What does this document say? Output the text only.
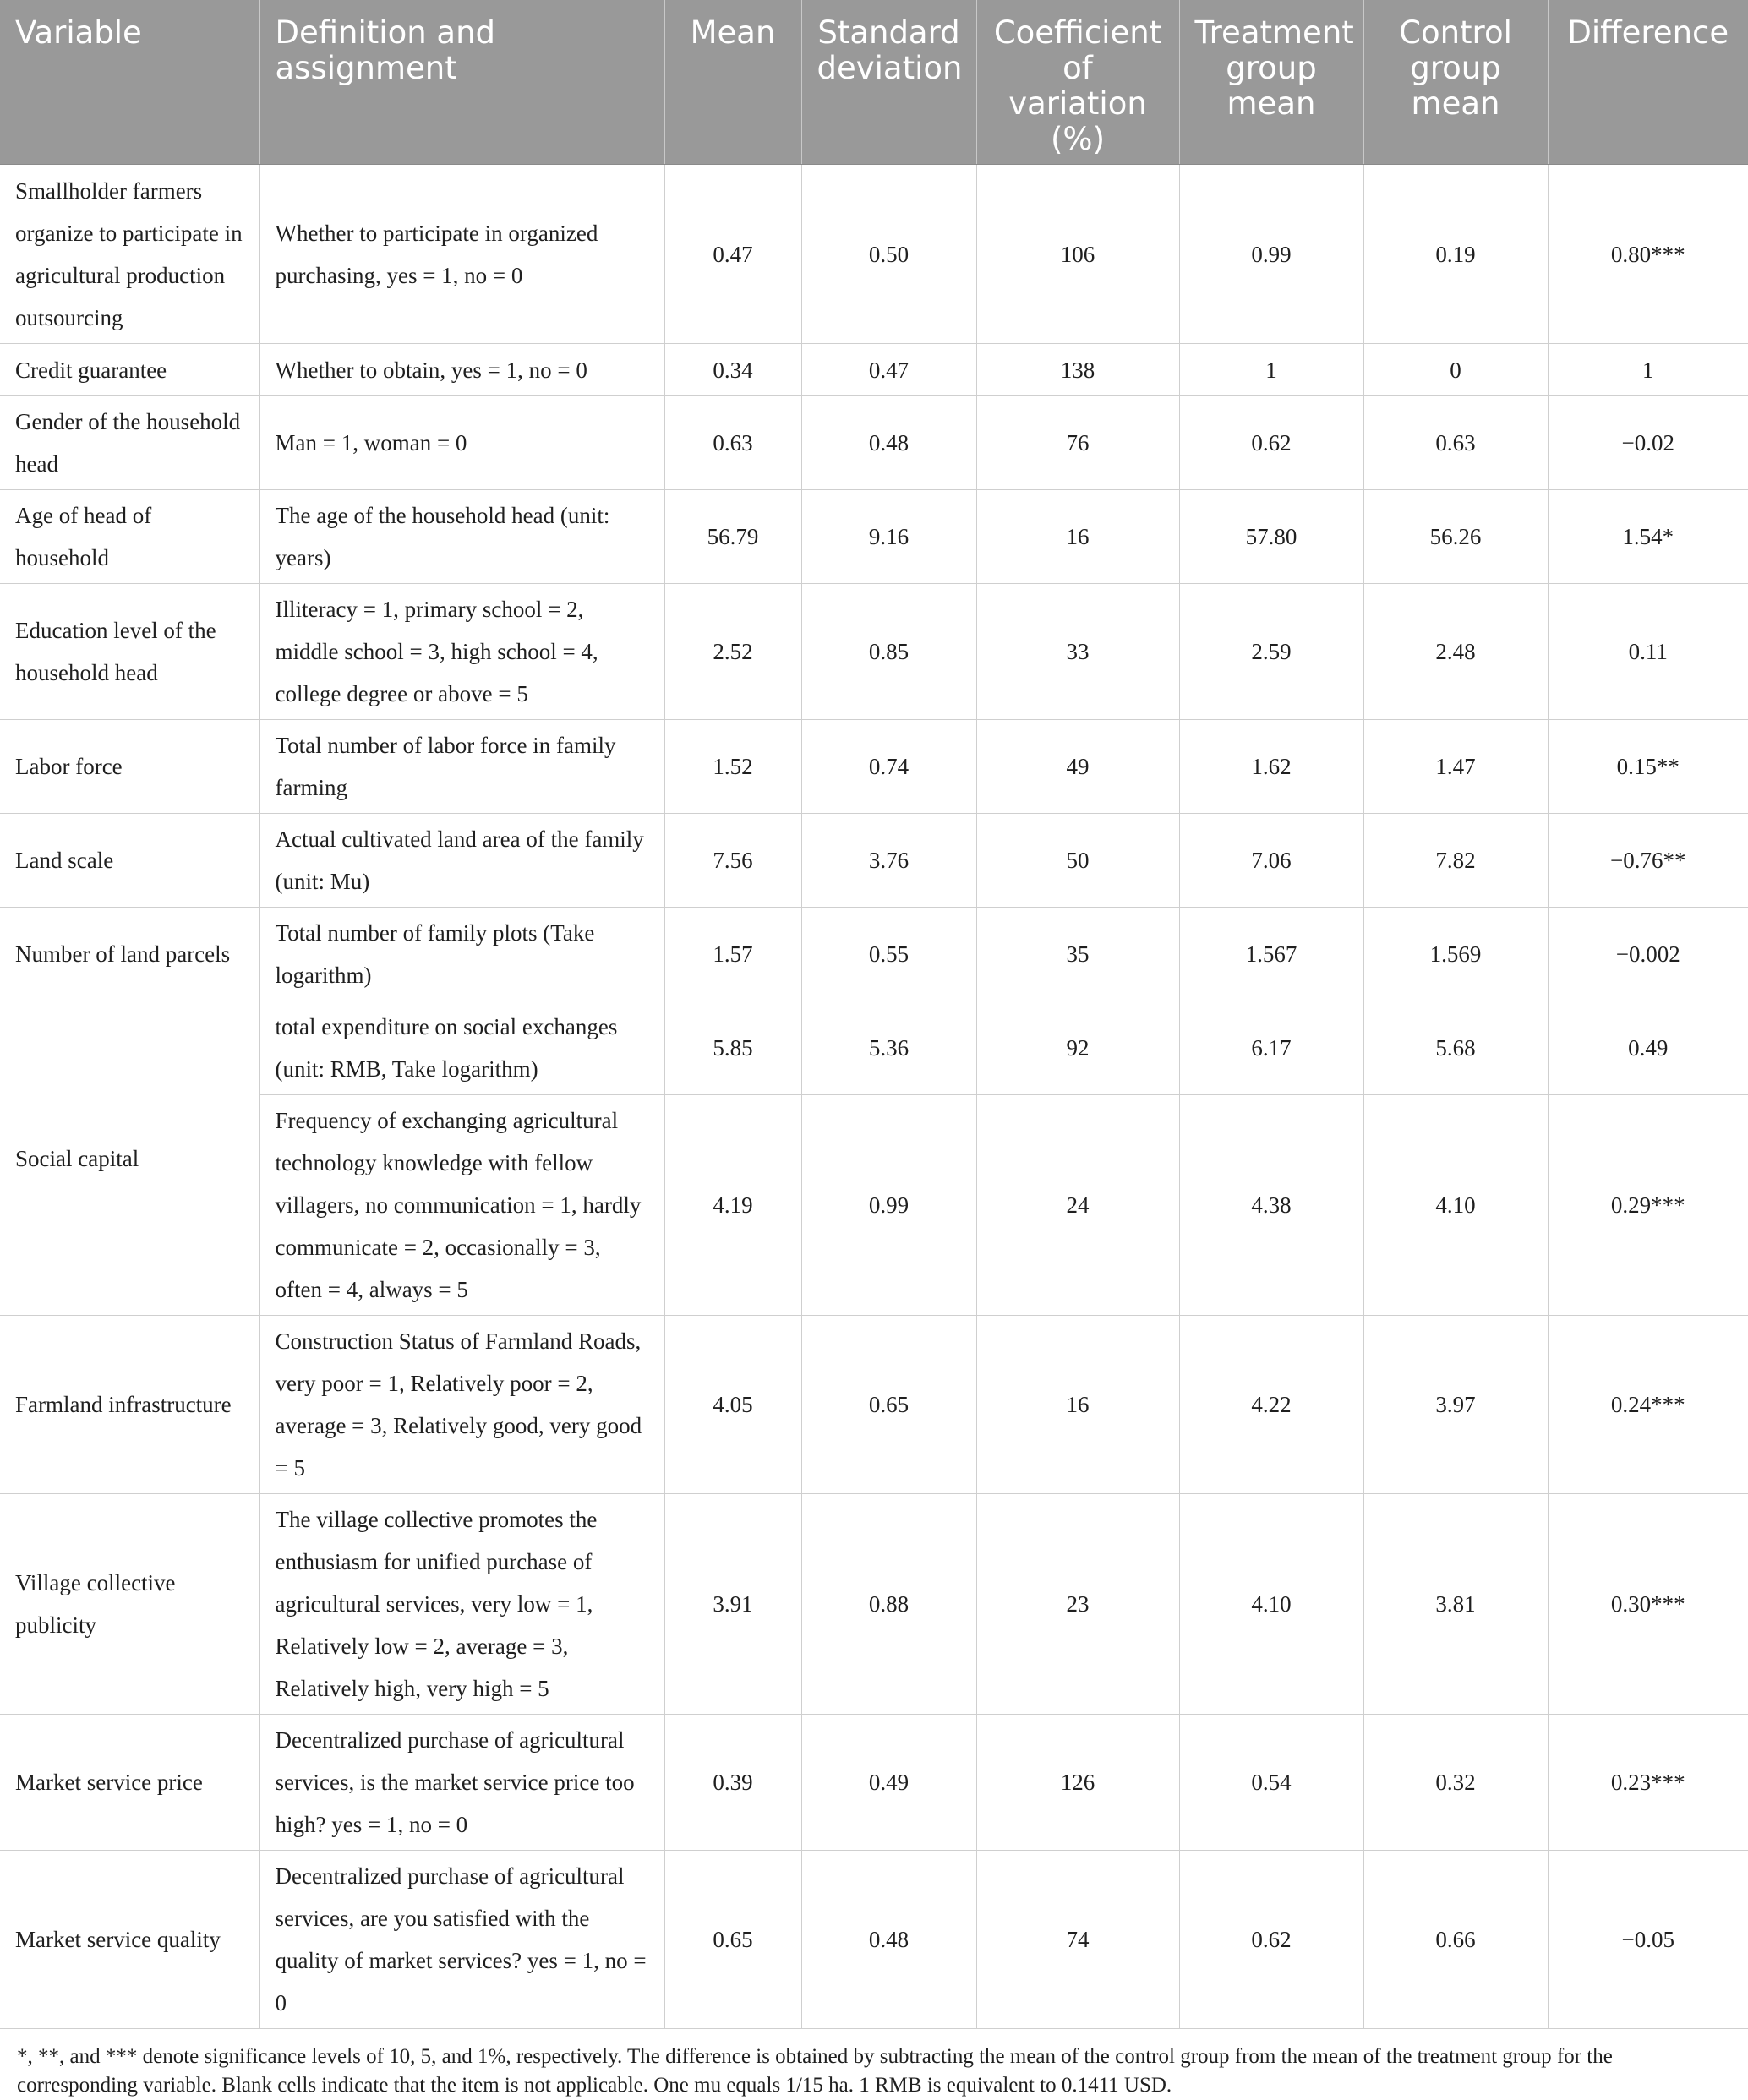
Variable	Definition and assignment	Mean	Standard deviation	Coefficient of variation (%)	Treatment group mean	Control group mean	Difference
Smallholder farmers organize to participate in agricultural production outsourcing	Whether to participate in organized purchasing, yes = 1, no = 0	0.47	0.50	106	0.99	0.19	0.80***
Credit guarantee	Whether to obtain, yes = 1, no = 0	0.34	0.47	138	1	0	1
Gender of the household head	Man = 1, woman = 0	0.63	0.48	76	0.62	0.63	−0.02
Age of head of household	The age of the household head (unit: years)	56.79	9.16	16	57.80	56.26	1.54*
Education level of the household head	Illiteracy = 1, primary school = 2, middle school = 3, high school = 4, college degree or above = 5	2.52	0.85	33	2.59	2.48	0.11
Labor force	Total number of labor force in family farming	1.52	0.74	49	1.62	1.47	0.15**
Land scale	Actual cultivated land area of the family (unit: Mu)	7.56	3.76	50	7.06	7.82	−0.76**
Number of land parcels	Total number of family plots (Take logarithm)	1.57	0.55	35	1.567	1.569	−0.002
Social capital	total expenditure on social exchanges (unit: RMB, Take logarithm)	5.85	5.36	92	6.17	5.68	0.49
	Frequency of exchanging agricultural technology knowledge with fellow villagers, no communication = 1, hardly communicate = 2, occasionally = 3, often = 4, always = 5	4.19	0.99	24	4.38	4.10	0.29***
Farmland infrastructure	Construction Status of Farmland Roads, very poor = 1, Relatively poor = 2, average = 3, Relatively good, very good = 5	4.05	0.65	16	4.22	3.97	0.24***
Village collective publicity	The village collective promotes the enthusiasm for unified purchase of agricultural services, very low = 1, Relatively low = 2, average = 3, Relatively high, very high = 5	3.91	0.88	23	4.10	3.81	0.30***
Market service price	Decentralized purchase of agricultural services, is the market service price too high? yes = 1, no = 0	0.39	0.49	126	0.54	0.32	0.23***
Market service quality	Decentralized purchase of agricultural services, are you satisfied with the quality of market services? yes = 1, no = 0	0.65	0.48	74	0.62	0.66	−0.05
*, **, and *** denote significance levels of 10, 5, and 1%, respectively. The difference is obtained by subtracting the mean of the control group from the mean of the treatment group for the corresponding variable. Blank cells indicate that the item is not applicable. One mu equals 1/15 ha. 1 RMB is equivalent to 0.1411 USD.
